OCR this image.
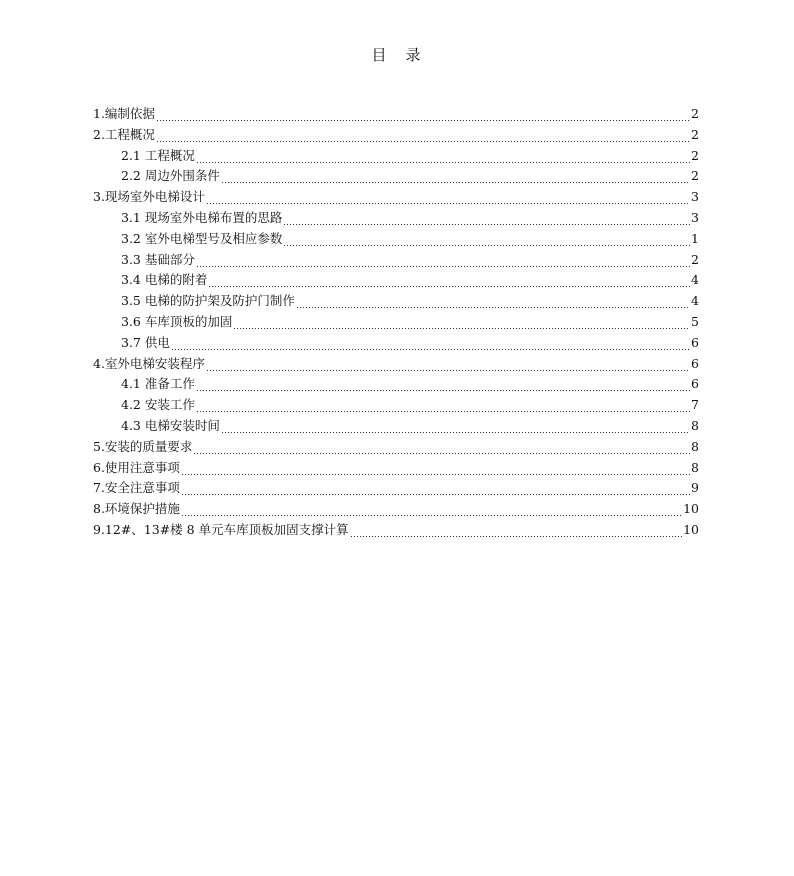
目　录
1.编制依据	2
2.工程概况	2
2.1 工程概况	2
2.2 周边外围条件	2
3.现场室外电梯设计	3
3.1 现场室外电梯布置的思路	3
3.2 室外电梯型号及相应参数	1
3.3 基础部分	2
3.4 电梯的附着	4
3.5 电梯的防护架及防护门制作	4
3.6 车库顶板的加固	5
3.7 供电	6
4.室外电梯安装程序	6
4.1 准备工作	6
4.2 安装工作	7
4.3 电梯安装时间	8
5.安装的质量要求	8
6.使用注意事项	8
7.安全注意事项	9
8.环境保护措施	10
9.12#、13#楼 8 单元车库顶板加固支撑计算	10
